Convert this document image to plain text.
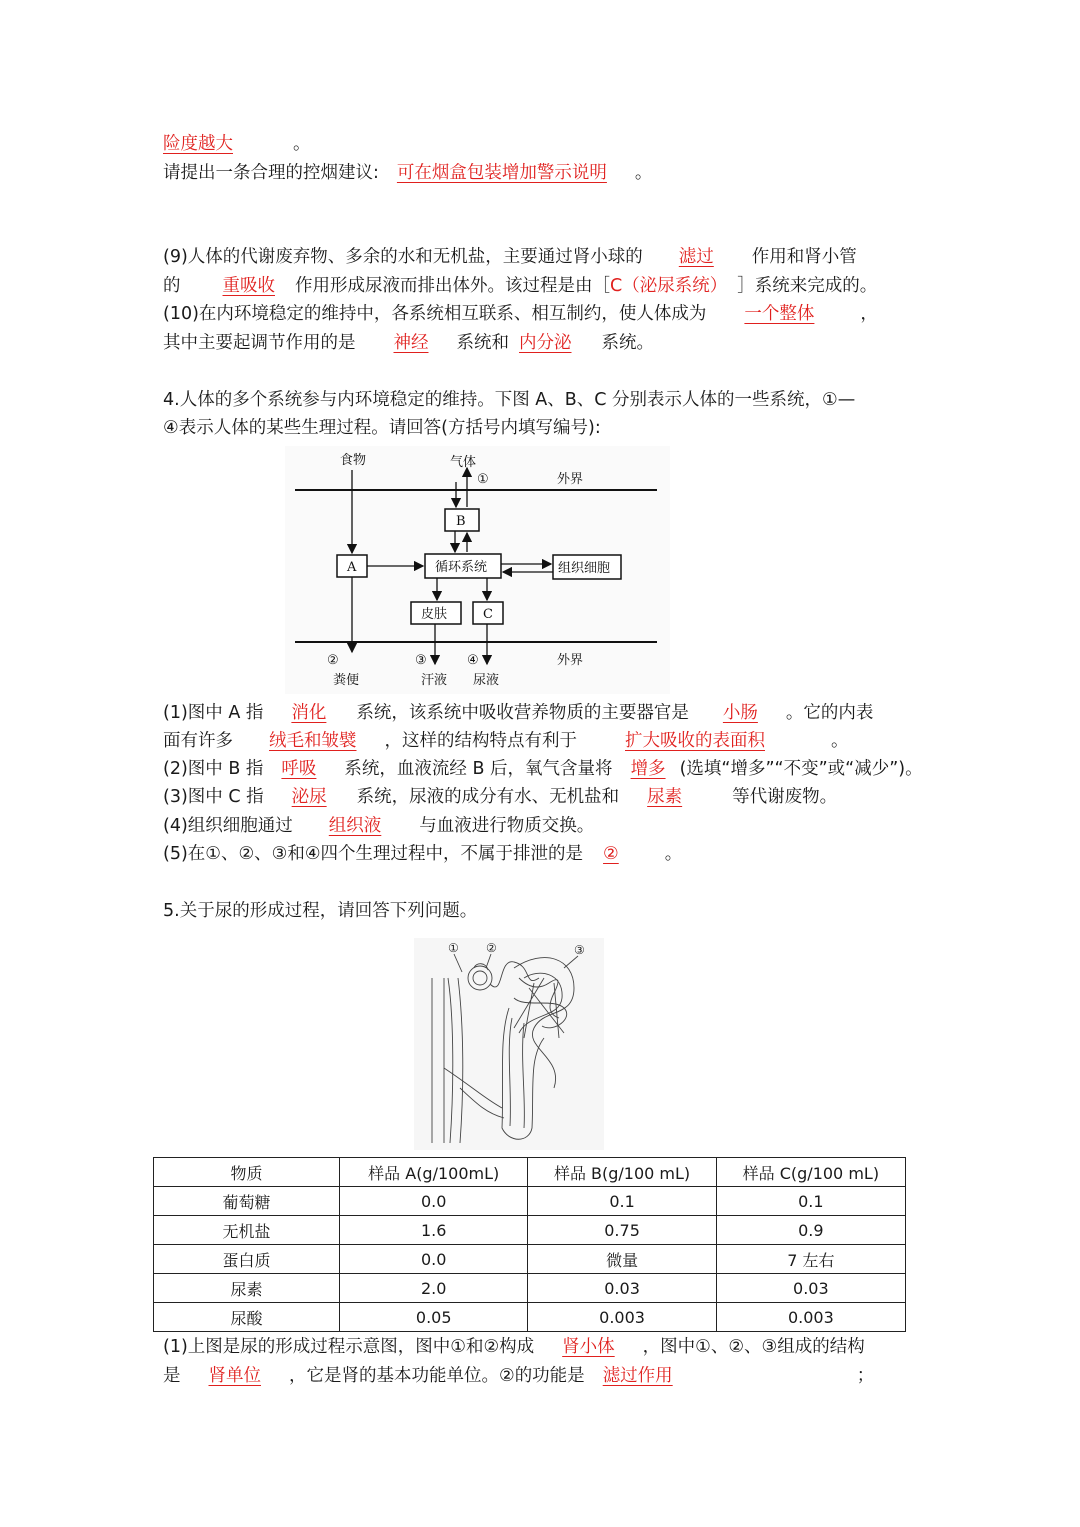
险度越大	。
请提出一条合理的控烟建议: 可在烟盒包装增加警示说明 。
(9)人体的代谢废弃物、多余的水和无机盐，主要通过肾小球的 滤过 作用和肾小管
的 重吸收 作用形成尿液而排出体外。该过程是由［C（泌尿系统） ］系统来完成的。
(10)在内环境稳定的维持中，各系统相互联系、相互制约，使人体成为 一个整体	，
其中主要起调节作用的是 神经 系统和 内分泌 系统。
4.人体的多个系统参与内环境稳定的维持。下图 A、B、C 分别表示人体的一些系统，①—
④表示人体的某些生理过程。请回答(方括号内填写编号):
食物	气体
①	外界
B
A	循环系统	组织细胞
皮肤	C
外界
②	③	④
粪便	汗液 尿液
(1)图中 A 指 消化 系统，该系统中吸收营养物质的主要器官是 小肠 。它的内表
面有许多 绒毛和皱襞 ，这样的结构特点有利于	扩大吸收的表面积	。
(2)图中 B 指 呼吸 系统，血液流经 B 后，氧气含量将 增多 (选填“增多”“不变”或“减少”)。
(3)图中 C 指 泌尿 系统，尿液的成分有水、无机盐和 尿素	等代谢废物。
(4)组织细胞通过 组织液 与血液进行物质交换。
(5)在①、②、③和④四个生理过程中，不属于排泄的是 ②	。
5.关于尿的形成过程，请回答下列问题。
① ②	③
物质	样品 A(g/100mL)	样品 B(g/100 mL)	样品 C(g/100 mL)
葡萄糖	0.0	0.1	0.1
无机盐	1.6	0.75	0.9
蛋白质	0.0	微量	7 左右
尿素	2.0	0.03	0.03
尿酸	0.05	0.003	0.003
(1)上图是尿的形成过程示意图，图中①和②构成 肾小体 ，图中①、②、③组成的结构
是 肾单位 ，它是肾的基本功能单位。②的功能是 滤过作用	；
